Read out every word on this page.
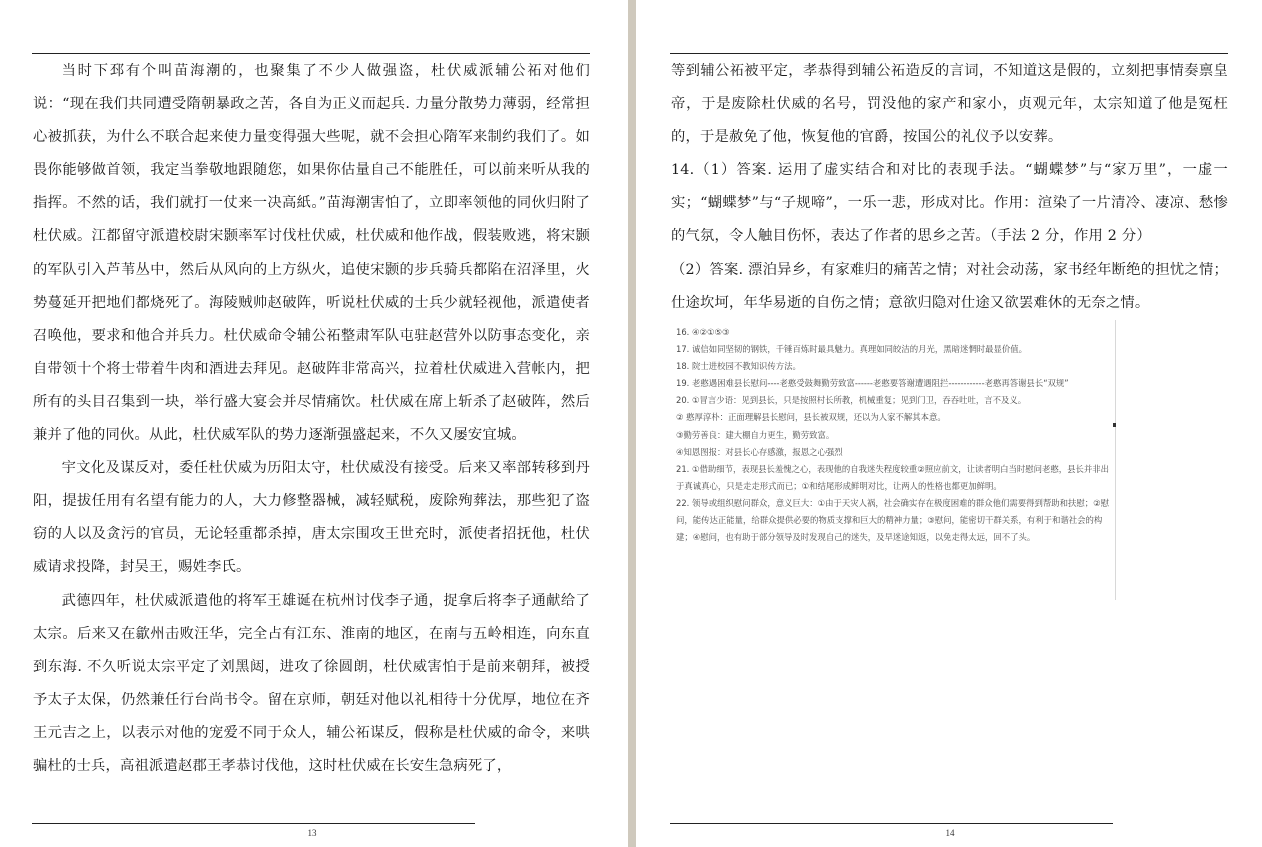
当时下邳有个叫苗海潮的，也聚集了不少人做强盗，杜伏威派辅公祏对他们说：“现在我们共同遭受隋朝暴政之苦，各自为正义而起兵. 力量分散势力薄弱，经常担心被抓获，为什么不联合起来使力量变得强大些呢，就不会担心隋军来制约我们了。如畏你能够做首领，我定当拳敬地跟随您，如果你估量自己不能胜任，可以前来听从我的指挥。不然的话，我们就打一仗来一决高紙。”苗海潮害怕了，立即率领他的同伙归附了杜伏威。江都留守派遣校尉宋颢率军讨伐杜伏威，杜伏威和他作战，假装败逃，将宋颢的军队引入芦苇丛中，然后从风向的上方纵火，追使宋颢的步兵骑兵都陷在沼泽里，火势蔓延开把地们都烧死了。海陵贼帅赵破阵，听说杜伏威的士兵少就轻视他，派遣使者召唤他，要求和他合并兵力。杜伏威命令辅公祏整肃军队屯驻赵营外以防事态变化，亲自带领十个将士带着牛肉和酒进去拜见。赵破阵非常高兴，拉着杜伏威进入营帐内，把所有的头目召集到一块，举行盛大宴会并尽情痛饮。杜伏威在席上斩杀了赵破阵，然后兼并了他的同伙。从此，杜伏威军队的势力逐渐强盛起来，不久又屡安宜城。

宇文化及谋反对，委任杜伏威为历阳太守，杜伏威没有接受。后来又率部转移到丹阳，提拔任用有名望有能力的人，大力修整器械，减轻赋税，废除殉葬法，那些犯了盗窃的人以及贪污的官员，无论轻重都杀掉，唐太宗围攻王世充时，派使者招抚他，杜伏威请求投降，封吴王，赐姓李氏。

武德四年，杜伏威派遣他的将军王雄诞在杭州讨伐李子通，捉拿后将李子通献给了太宗。后来又在歙州击败汪华，完全占有江东、淮南的地区，在南与五岭相连，向东直到东海. 不久听说太宗平定了刘黑闼，进攻了徐圆朗，杜伏威害怕于是前来朝拜，被授予太子太保，仍然兼任行台尚书令。留在京师，朝廷对他以礼相待十分优厚，地位在齐王元吉之上，以表示对他的宠爱不同于众人，辅公祏谋反，假称是杜伏威的命令，来哄骗杜的士兵，高祖派遣赵郡王孝恭讨伐他，这时杜伏威在长安生急病死了，

13

等到辅公祏被平定，孝恭得到辅公祏造反的言词，不知道这是假的，立刻把事情奏禀皇帝，于是废除杜伏威的名号，罚没他的家产和家小，贞观元年，太宗知道了他是冤枉的，于是赦免了他，恢复他的官爵，按国公的礼仪予以安葬。

14.（1）答案. 运用了虚实结合和对比的表现手法。“蝴蝶梦”与“家万里”，一虚一实；“蝴蝶梦”与“子规啼”，一乐一悲，形成对比。作用：渲染了一片清冷、凄凉、愁惨的气氛，令人触目伤怀，表达了作者的思乡之苦。（手法 2 分，作用 2 分）

（2）答案. 漂泊异乡，有家难归的痛苦之情；对社会动荡，家书经年断绝的担忧之情；仕途坎坷，年华易逝的自伤之情；意欲归隐对仕途又欲罢难休的无奈之情。

14

16. ④②①⑤③

17. 诚信如同坚韧的钢铁，千锤百炼时最具魅力。真理如同皎洁的月光，黑暗迷惘时最显价值。

18. 院士进校园不教知识传方法。

19. 老憨遇困难县长慰问----老憨受鼓舞勤劳致富------老憨要答谢遭遇阻拦------------老憨再答谢县长“双规”

20. ①冒言少语：见到县长，只是按照村长所教，机械重复；见到门卫，吞吞吐吐，言不及义。

② 憨厚淳朴：正面理解县长慰问，县长被双规，还以为人家不解其本意。

③勤劳善良：建大棚自力更生，勤劳致富。

④知恩图报：对县长心存感激，报恩之心强烈

21. ①借助细节，表现县长羞愧之心，表现他的自我迷失程度较重②照应前文，让读者明白当时慰问老憨，县长并非出于真诚真心，只是走走形式而已；①和结尾形成鲜明对比，让两人的性格也都更加鲜明。

22. 领导或组织慰问群众，意义巨大：①由于天灾人祸，社会确实存在极度困难的群众他们需要得到帮助和扶慰；②慰问，能传达正能量，给群众提供必要的物质支撑和巨大的精神力量；③慰问，能密切干群关系，有利于和谐社会的构建；④慰问，也有助于部分领导及时发现自己的迷失，及早迷途知返，以免走得太远，回不了头。
